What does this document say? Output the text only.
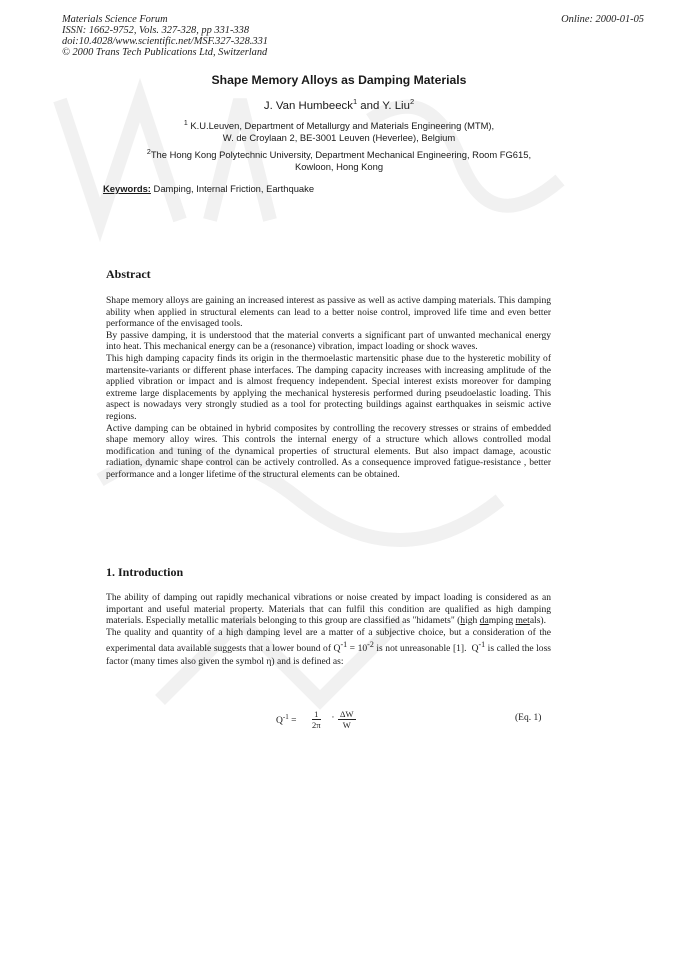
Materials Science Forum
ISSN: 1662-9752, Vols. 327-328, pp 331-338
doi:10.4028/www.scientific.net/MSF.327-328.331
© 2000 Trans Tech Publications Ltd, Switzerland
Online: 2000-01-05
Shape Memory Alloys as Damping Materials
J. Van Humbeeck$^1$ and Y. Liu$^2$
$^1$ K.U.Leuven, Department of Metallurgy and Materials Engineering (MTM),
W. de Croylaan 2, BE-3001 Leuven (Heverlee), Belgium
$^2$The Hong Kong Polytechnic University, Department Mechanical Engineering, Room FG615,
Kowloon, Hong Kong
Keywords: Damping, Internal Friction, Earthquake
Abstract

Shape memory alloys are gaining an increased interest as passive as well as active damping materials. This damping ability when applied in structural elements can lead to a better noise control, improved life time and even better performance of the envisaged tools.

By passive damping, it is understood that the material converts a significant part of unwanted mechanical energy into heat. This mechanical energy can be a (resonance) vibration, impact loading or shock waves.

This high damping capacity finds its origin in the thermoelastic martensitic phase due to the hysteretic mobility of martensite-variants or different phase interfaces. The damping capacity increases with increasing amplitude of the applied vibration or impact and is almost frequency independent. Special interest exists moreover for damping extreme large displacements by applying the mechanical hysteresis performed during pseudoelastic loading. This aspect is nowadays very strongly studied as a tool for protecting buildings against earthquakes in seismic active regions.

Active damping can be obtained in hybrid composites by controlling the recovery stresses or strains of embedded shape memory alloy wires. This controls the internal energy of a structure which allows controlled modal modification and tuning of the dynamical properties of structural elements. But also impact damage, acoustic radiation, dynamic shape control can be actively controlled. As a consequence improved fatigue-resistance , better performance and a longer lifetime of the structural elements can be obtained.

1. Introduction

The ability of damping out rapidly mechanical vibrations or noise created by impact loading is considered as an important and useful material property. Materials that can fulfil this condition are qualified as high damping materials. Especially metallic materials belonging to this group are classified as "hidamets" (high damping metals).

The quality and quantity of a high damping level are a matter of a subjective choice, but a consideration of the experimental data available suggests that a lower bound of $Q^{-1} = 10^{-2}$ is not unreasonable [1].  $Q^{-1}$ is called the loss factor (many times also given the symbol η) and is defined as:

$Q^{-1} = \frac{1}{2\pi} \cdot \frac{\Delta W}{W}$	(Eq. 1)
